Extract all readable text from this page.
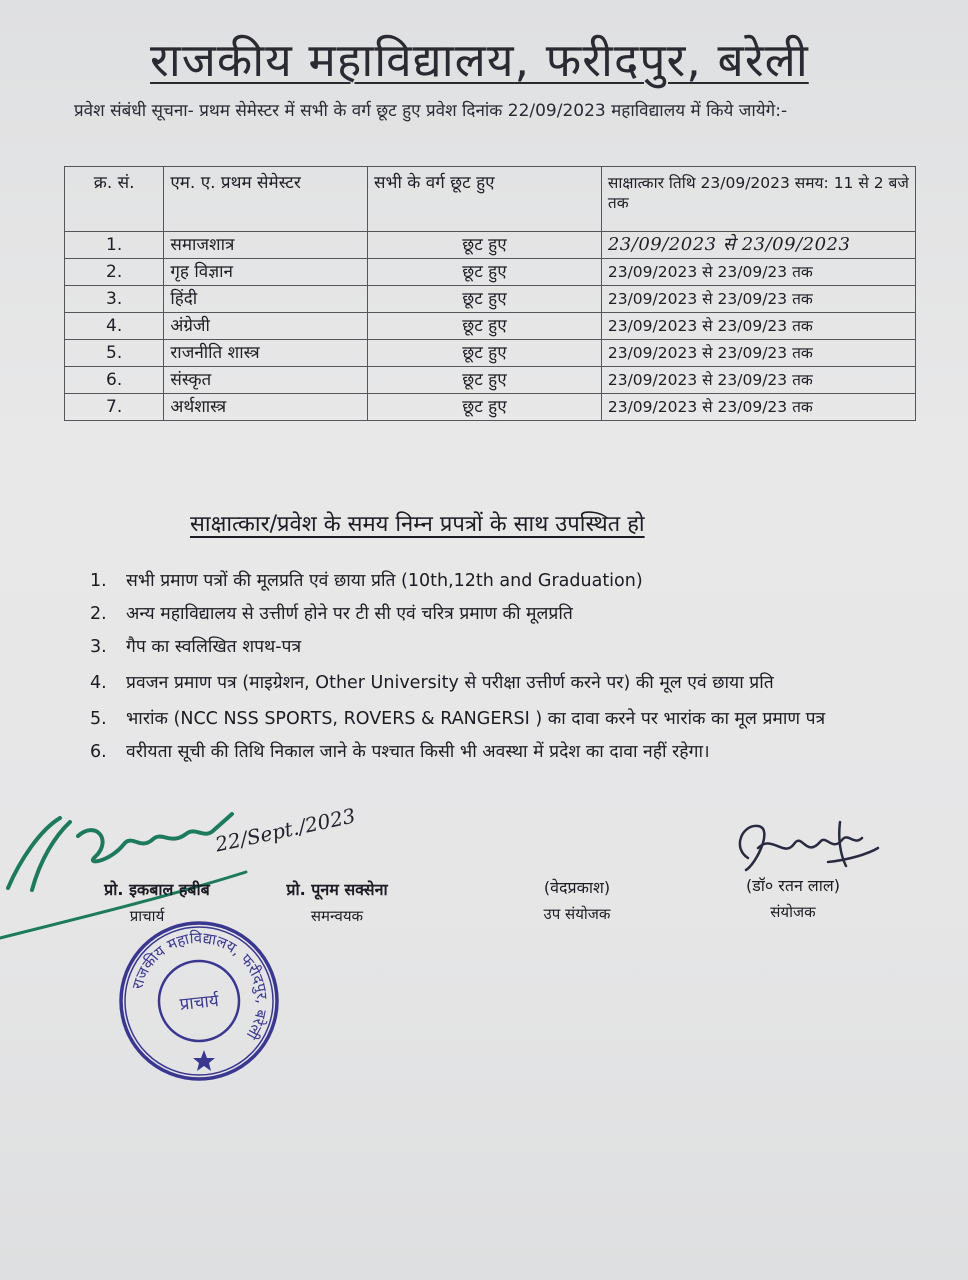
राजकीय महाविद्यालय, फरीदपुर, बरेली
प्रवेश संबंधी सूचना- प्रथम सेमेस्टर में सभी के वर्ग छूट हुए प्रवेश दिनांक 22/09/2023 महाविद्यालय में किये जायेगे:-
क्र. सं.	एम. ए. प्रथम सेमेस्टर	सभी के वर्ग छूट हुए	साक्षात्कार तिथि 23/09/2023 समय: 11 से 2 बजे तक
1.	समाजशात्र	छूट हुए	23/09/2023 से 23/09/2023
2.	गृह विज्ञान	छूट हुए	23/09/2023 से 23/09/23 तक
3.	हिंदी	छूट हुए	23/09/2023 से 23/09/23 तक
4.	अंग्रेजी	छूट हुए	23/09/2023 से 23/09/23 तक
5.	राजनीति शास्त्र	छूट हुए	23/09/2023 से 23/09/23 तक
6.	संस्कृत	छूट हुए	23/09/2023 से 23/09/23 तक
7.	अर्थशास्त्र	छूट हुए	23/09/2023 से 23/09/23 तक
साक्षात्कार/प्रवेश के समय निम्न प्रपत्रों के साथ उपस्थित हो
1.	सभी प्रमाण पत्रों की मूलप्रति एवं छाया प्रति (10th,12th and Graduation)
2.	अन्य महाविद्यालय से उत्तीर्ण होने पर टी सी एवं चरित्र प्रमाण की मूलप्रति
3.	गैप का स्वलिखित शपथ-पत्र
4.	प्रवजन प्रमाण पत्र (माइग्रेशन, Other University से परीक्षा उत्तीर्ण करने पर) की मूल एवं छाया प्रति
5.	भारांक (NCC NSS SPORTS, ROVERS & RANGERSI ) का दावा करने पर भारांक का मूल प्रमाण पत्र
6.	वरीयता सूची की तिथि निकाल जाने के पश्चात किसी भी अवस्था में प्रदेश का दावा नहीं रहेगा।
22/Sept./2023
प्रो. इकबाल हबीब
प्राचार्य
प्रो. पूनम सक्सेना
समन्वयक
(वेदप्रकाश)
उप संयोजक
(डॉ० रतन लाल)
संयोजक
राजकीय महाविद्यालय, फरीदपुर, बरेली
प्राचार्य
